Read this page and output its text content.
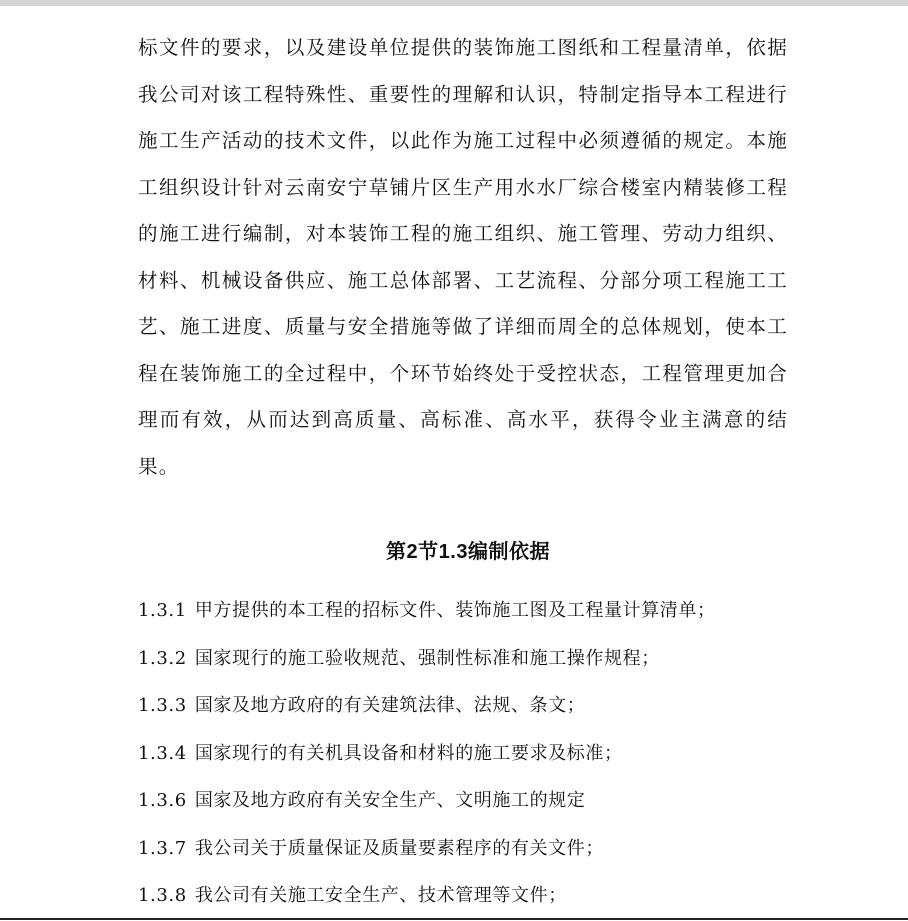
标文件的要求，以及建设单位提供的装饰施工图纸和工程量清单，依据我公司对该工程特殊性、重要性的理解和认识，特制定指导本工程进行施工生产活动的技术文件，以此作为施工过程中必须遵循的规定。本施工组织设计针对云南安宁草铺片区生产用水水厂综合楼室内精装修工程的施工进行编制，对本装饰工程的施工组织、施工管理、劳动力组织、材料、机械设备供应、施工总体部署、工艺流程、分部分项工程施工工艺、施工进度、质量与安全措施等做了详细而周全的总体规划，使本工程在装饰施工的全过程中，个环节始终处于受控状态，工程管理更加合理而有效，从而达到高质量、高标准、高水平，获得令业主满意的结果。

第2节1.3编制依据
1.3.1 甲方提供的本工程的招标文件、装饰施工图及工程量计算清单；
1.3.2 国家现行的施工验收规范、强制性标准和施工操作规程；
1.3.3 国家及地方政府的有关建筑法律、法规、条文；
1.3.4 国家现行的有关机具设备和材料的施工要求及标准；
1.3.6 国家及地方政府有关安全生产、文明施工的规定
1.3.7 我公司关于质量保证及质量要素程序的有关文件；
1.3.8 我公司有关施工安全生产、技术管理等文件；
